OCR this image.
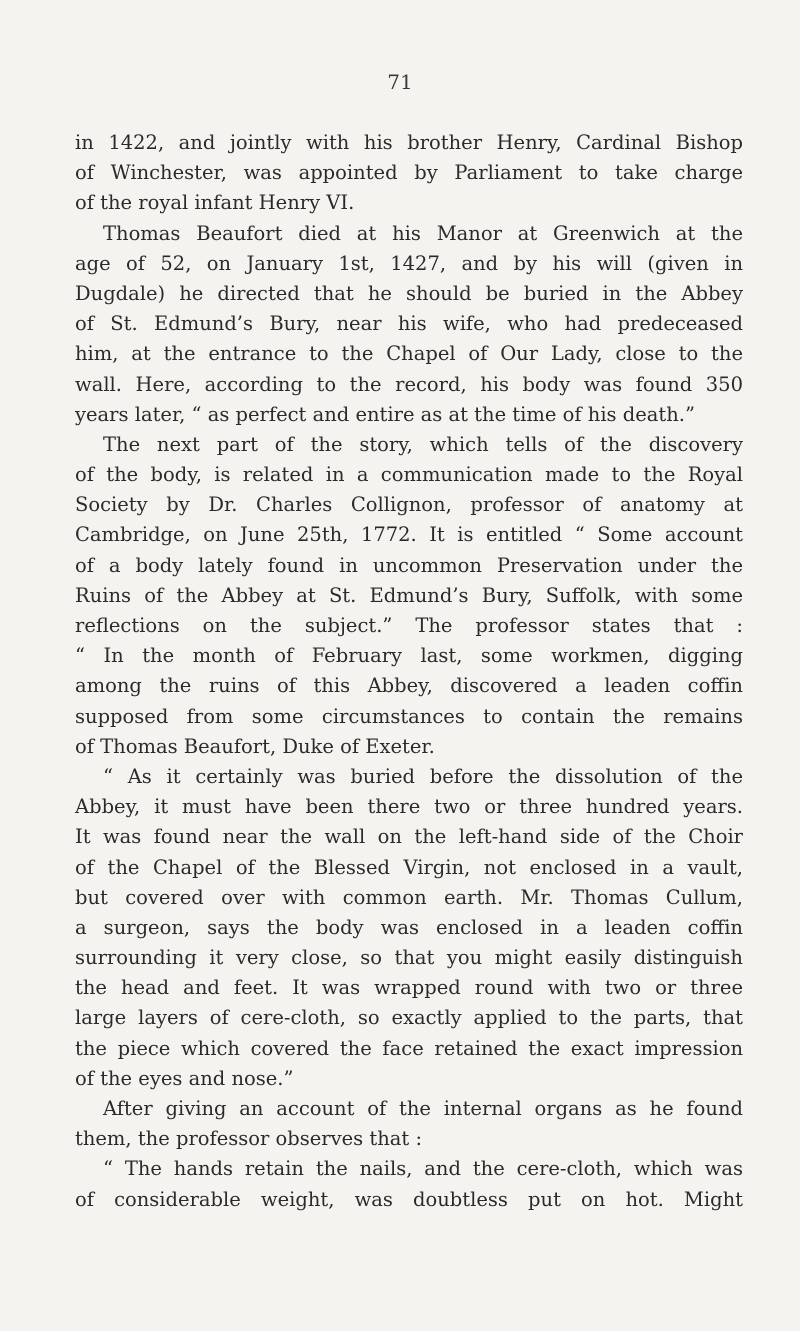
71
in 1422, and jointly with his brother Henry, Cardinal Bishop
of Winchester, was appointed by Parliament to take charge
of the royal infant Henry VI.
Thomas Beaufort died at his Manor at Greenwich at the
age of 52, on January 1st, 1427, and by his will (given in
Dugdale) he directed that he should be buried in the Abbey
of St. Edmund’s Bury, near his wife, who had predeceased
him, at the entrance to the Chapel of Our Lady, close to the
wall. Here, according to the record, his body was found 350
years later, “ as perfect and entire as at the time of his death.”
The next part of the story, which tells of the discovery
of the body, is related in a communication made to the Royal
Society by Dr. Charles Collignon, professor of anatomy at
Cambridge, on June 25th, 1772. It is entitled “ Some account
of a body lately found in uncommon Preservation under the
Ruins of the Abbey at St. Edmund’s Bury, Suffolk, with some
reflections on the subject.” The professor states that :
“ In the month of February last, some workmen, digging
among the ruins of this Abbey, discovered a leaden coffin
supposed from some circumstances to contain the remains
of Thomas Beaufort, Duke of Exeter.
“ As it certainly was buried before the dissolution of the
Abbey, it must have been there two or three hundred years.
It was found near the wall on the left-hand side of the Choir
of the Chapel of the Blessed Virgin, not enclosed in a vault,
but covered over with common earth. Mr. Thomas Cullum,
a surgeon, says the body was enclosed in a leaden coffin
surrounding it very close, so that you might easily distinguish
the head and feet. It was wrapped round with two or three
large layers of cere-cloth, so exactly applied to the parts, that
the piece which covered the face retained the exact impression
of the eyes and nose.”
After giving an account of the internal organs as he found
them, the professor observes that :
“ The hands retain the nails, and the cere-cloth, which was
of considerable weight, was doubtless put on hot. Might
